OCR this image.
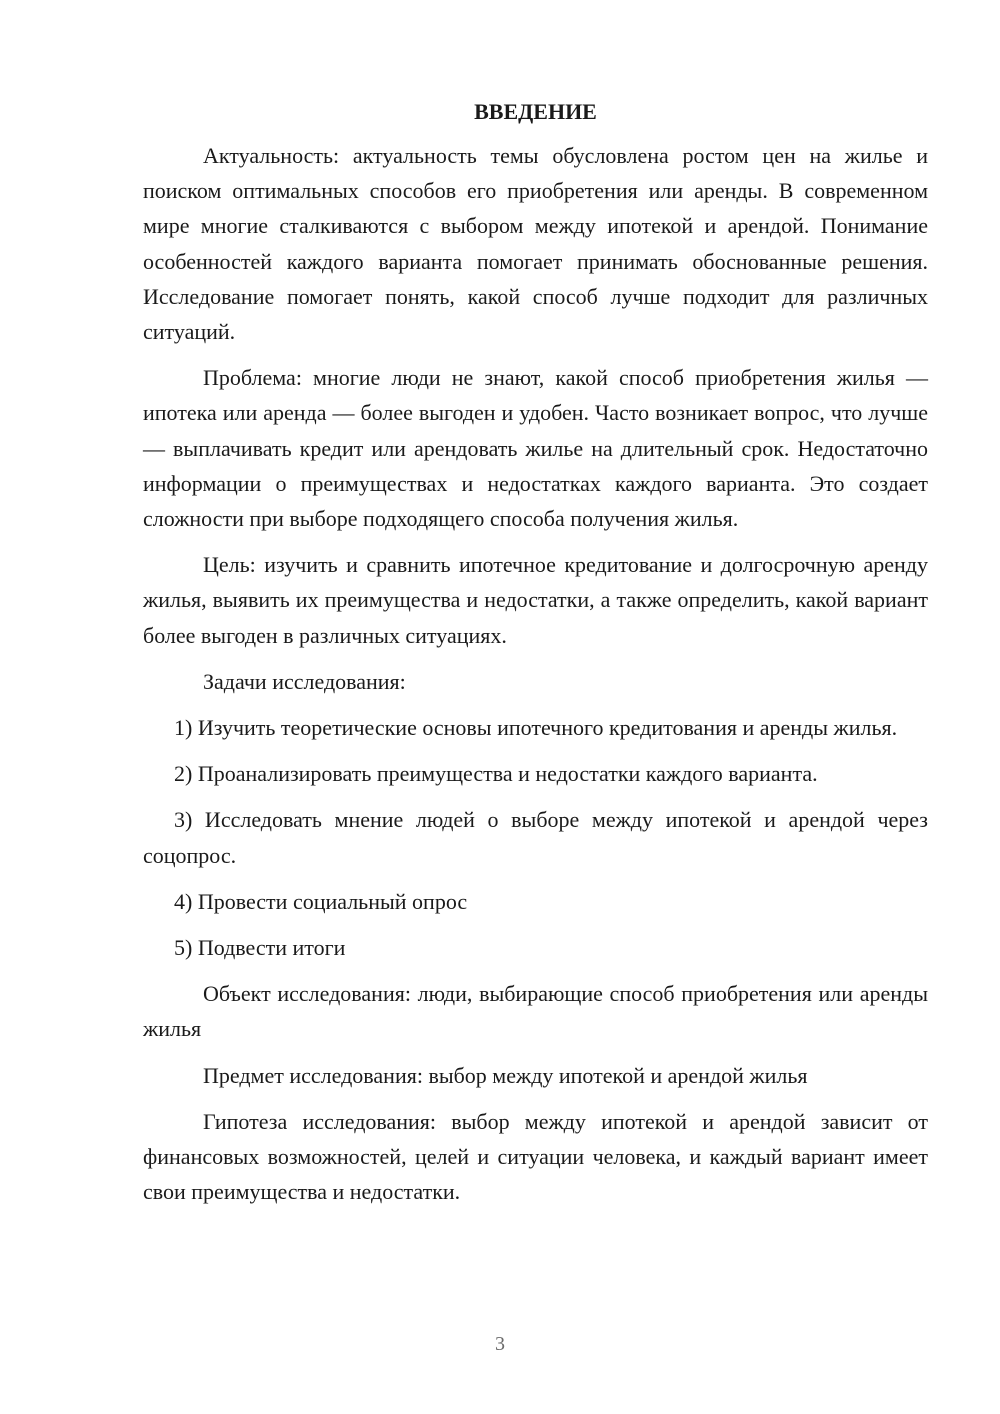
ВВЕДЕНИЕ

Актуальность: актуальность темы обусловлена ростом цен на жилье и поиском оптимальных способов его приобретения или аренды. В современном мире многие сталкиваются с выбором между ипотекой и арендой. Понимание особенностей каждого варианта помогает принимать обоснованные решения. Исследование помогает понять, какой способ лучше подходит для различных ситуаций.

Проблема: многие люди не знают, какой способ приобретения жилья — ипотека или аренда — более выгоден и удобен. Часто возникает вопрос, что лучше — выплачивать кредит или арендовать жилье на длительный срок. Недостаточно информации о преимуществах и недостатках каждого варианта. Это создает сложности при выборе подходящего способа получения жилья.

Цель: изучить и сравнить ипотечное кредитование и долгосрочную аренду жилья, выявить их преимущества и недостатки, а также определить, какой вариант более выгоден в различных ситуациях.

Задачи исследования:

1) Изучить теоретические основы ипотечного кредитования и аренды жилья.

2) Проанализировать преимущества и недостатки каждого варианта.

3) Исследовать мнение людей о выборе между ипотекой и арендой через соцопрос.

4) Провести социальный опрос

5) Подвести итоги

Объект исследования: люди, выбирающие способ приобретения или аренды жилья

Предмет исследования: выбор между ипотекой и арендой жилья

Гипотеза исследования: выбор между ипотекой и арендой зависит от финансовых возможностей, целей и ситуации человека, и каждый вариант имеет свои преимущества и недостатки.

3
